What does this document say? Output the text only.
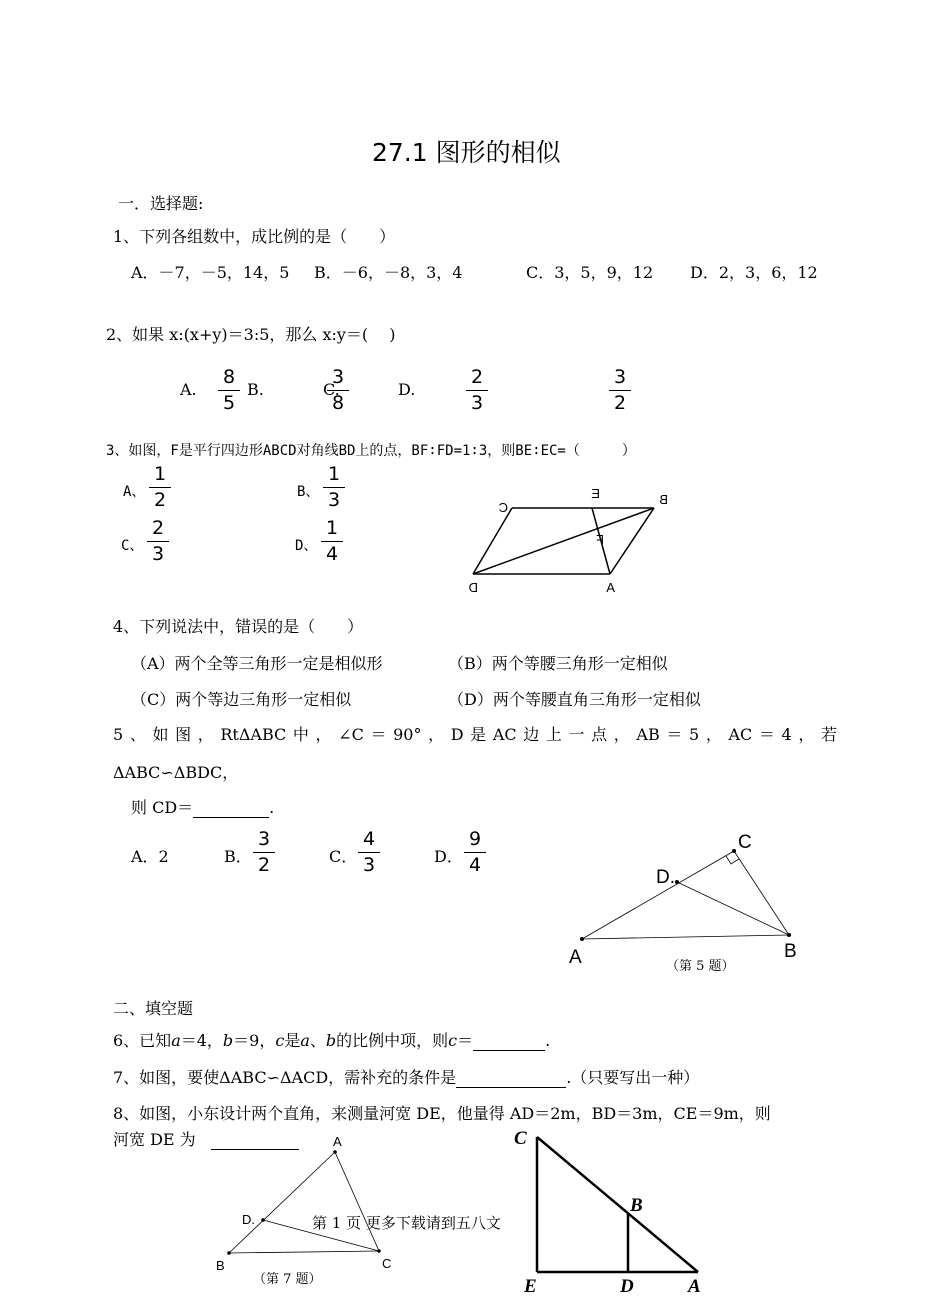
27.1 图形的相似
一．选择题:
1、下列各组数中，成比例的是（　　）
A．－7，－5，14，5 B．－6，－8，3，4	C．3，5，9，12 D．2，3，6，12
2、如果 x:(x+y)＝3:5，那么 x:y＝( 　)
A.
8
5
B.	C.
3
8
D.
2
3
3
2
3、如图，F是平行四边形ABCD对角线BD上的点，BF∶FD=1∶3，则BE∶EC=（　　　）
A、
1
2	B、
1
3
C、
2
3	D、
1
4
C
E	B
F
D	A
4、下列说法中，错误的是（　　）
（A）两个全等三角形一定是相似形	（B）两个等腰三角形一定相似
（C）两个等边三角形一定相似	（D）两个等腰直角三角形一定相似
5、如图，RtΔABC中，∠C＝90°，D是AC边上一点，AB＝5，AC＝4，若
ΔABC∽ΔBDC，
则 CD＝	.
A．2	B．
3
2	C．
4
3	D．
9
4
C
D.
A	B
（第 5 题）
二、填空题
6、已知a＝4，b＝9，c是a、b的比例中项，则c＝	.
7、如图，要使ΔABC∽ΔACD，需补充的条件是	.（只要写出一种）
8、如图，小东设计两个直角，来测量河宽 DE，他量得 AD＝2m，BD＝3m，CE＝9m，则
河宽 DE 为	A
D.
B	C
（第 7 题）
C
B
E	D	A
第 1 页 更多下载请到五八文
